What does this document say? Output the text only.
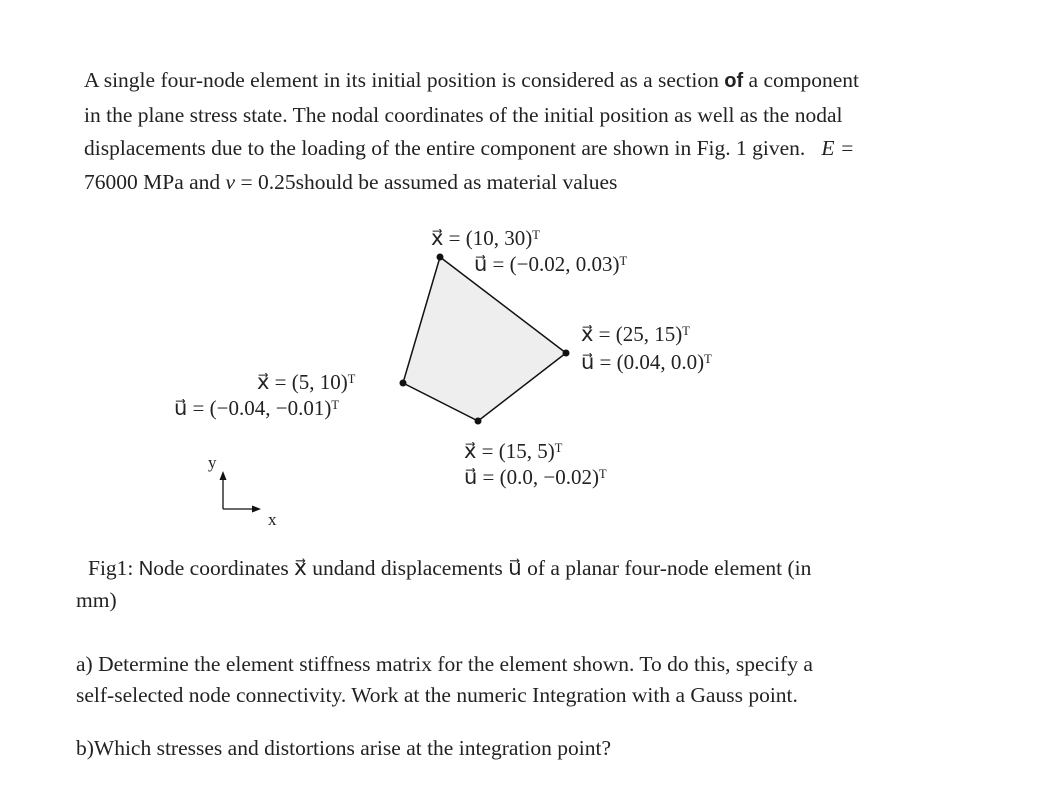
A single four-node element in its initial position is considered as a section of a component
in the plane stress state. The nodal coordinates of the initial position as well as the nodal
displacements due to the loading of the entire component are shown in Fig. 1 given. E =
76000 MPa and ν = 0.25should be assumed as material values
x⃗ = (10, 30)ᵀ
u⃗ = (−0.02, 0.03)ᵀ
x⃗ = (25, 15)ᵀ
u⃗ = (0.04, 0.0)ᵀ
x⃗ = (15, 5)ᵀ
u⃗ = (0.0, −0.02)ᵀ
x⃗ = (5, 10)ᵀ
u⃗ = (−0.04, −0.01)ᵀ
y
x
Fig1: Node coordinates x⃗ undand displacements u⃗ of a planar four-node element (in
mm)
a) Determine the element stiffness matrix for the element shown. To do this, specify a
self-selected node connectivity. Work at the numeric Integration with a Gauss point.
b)Which stresses and distortions arise at the integration point?
